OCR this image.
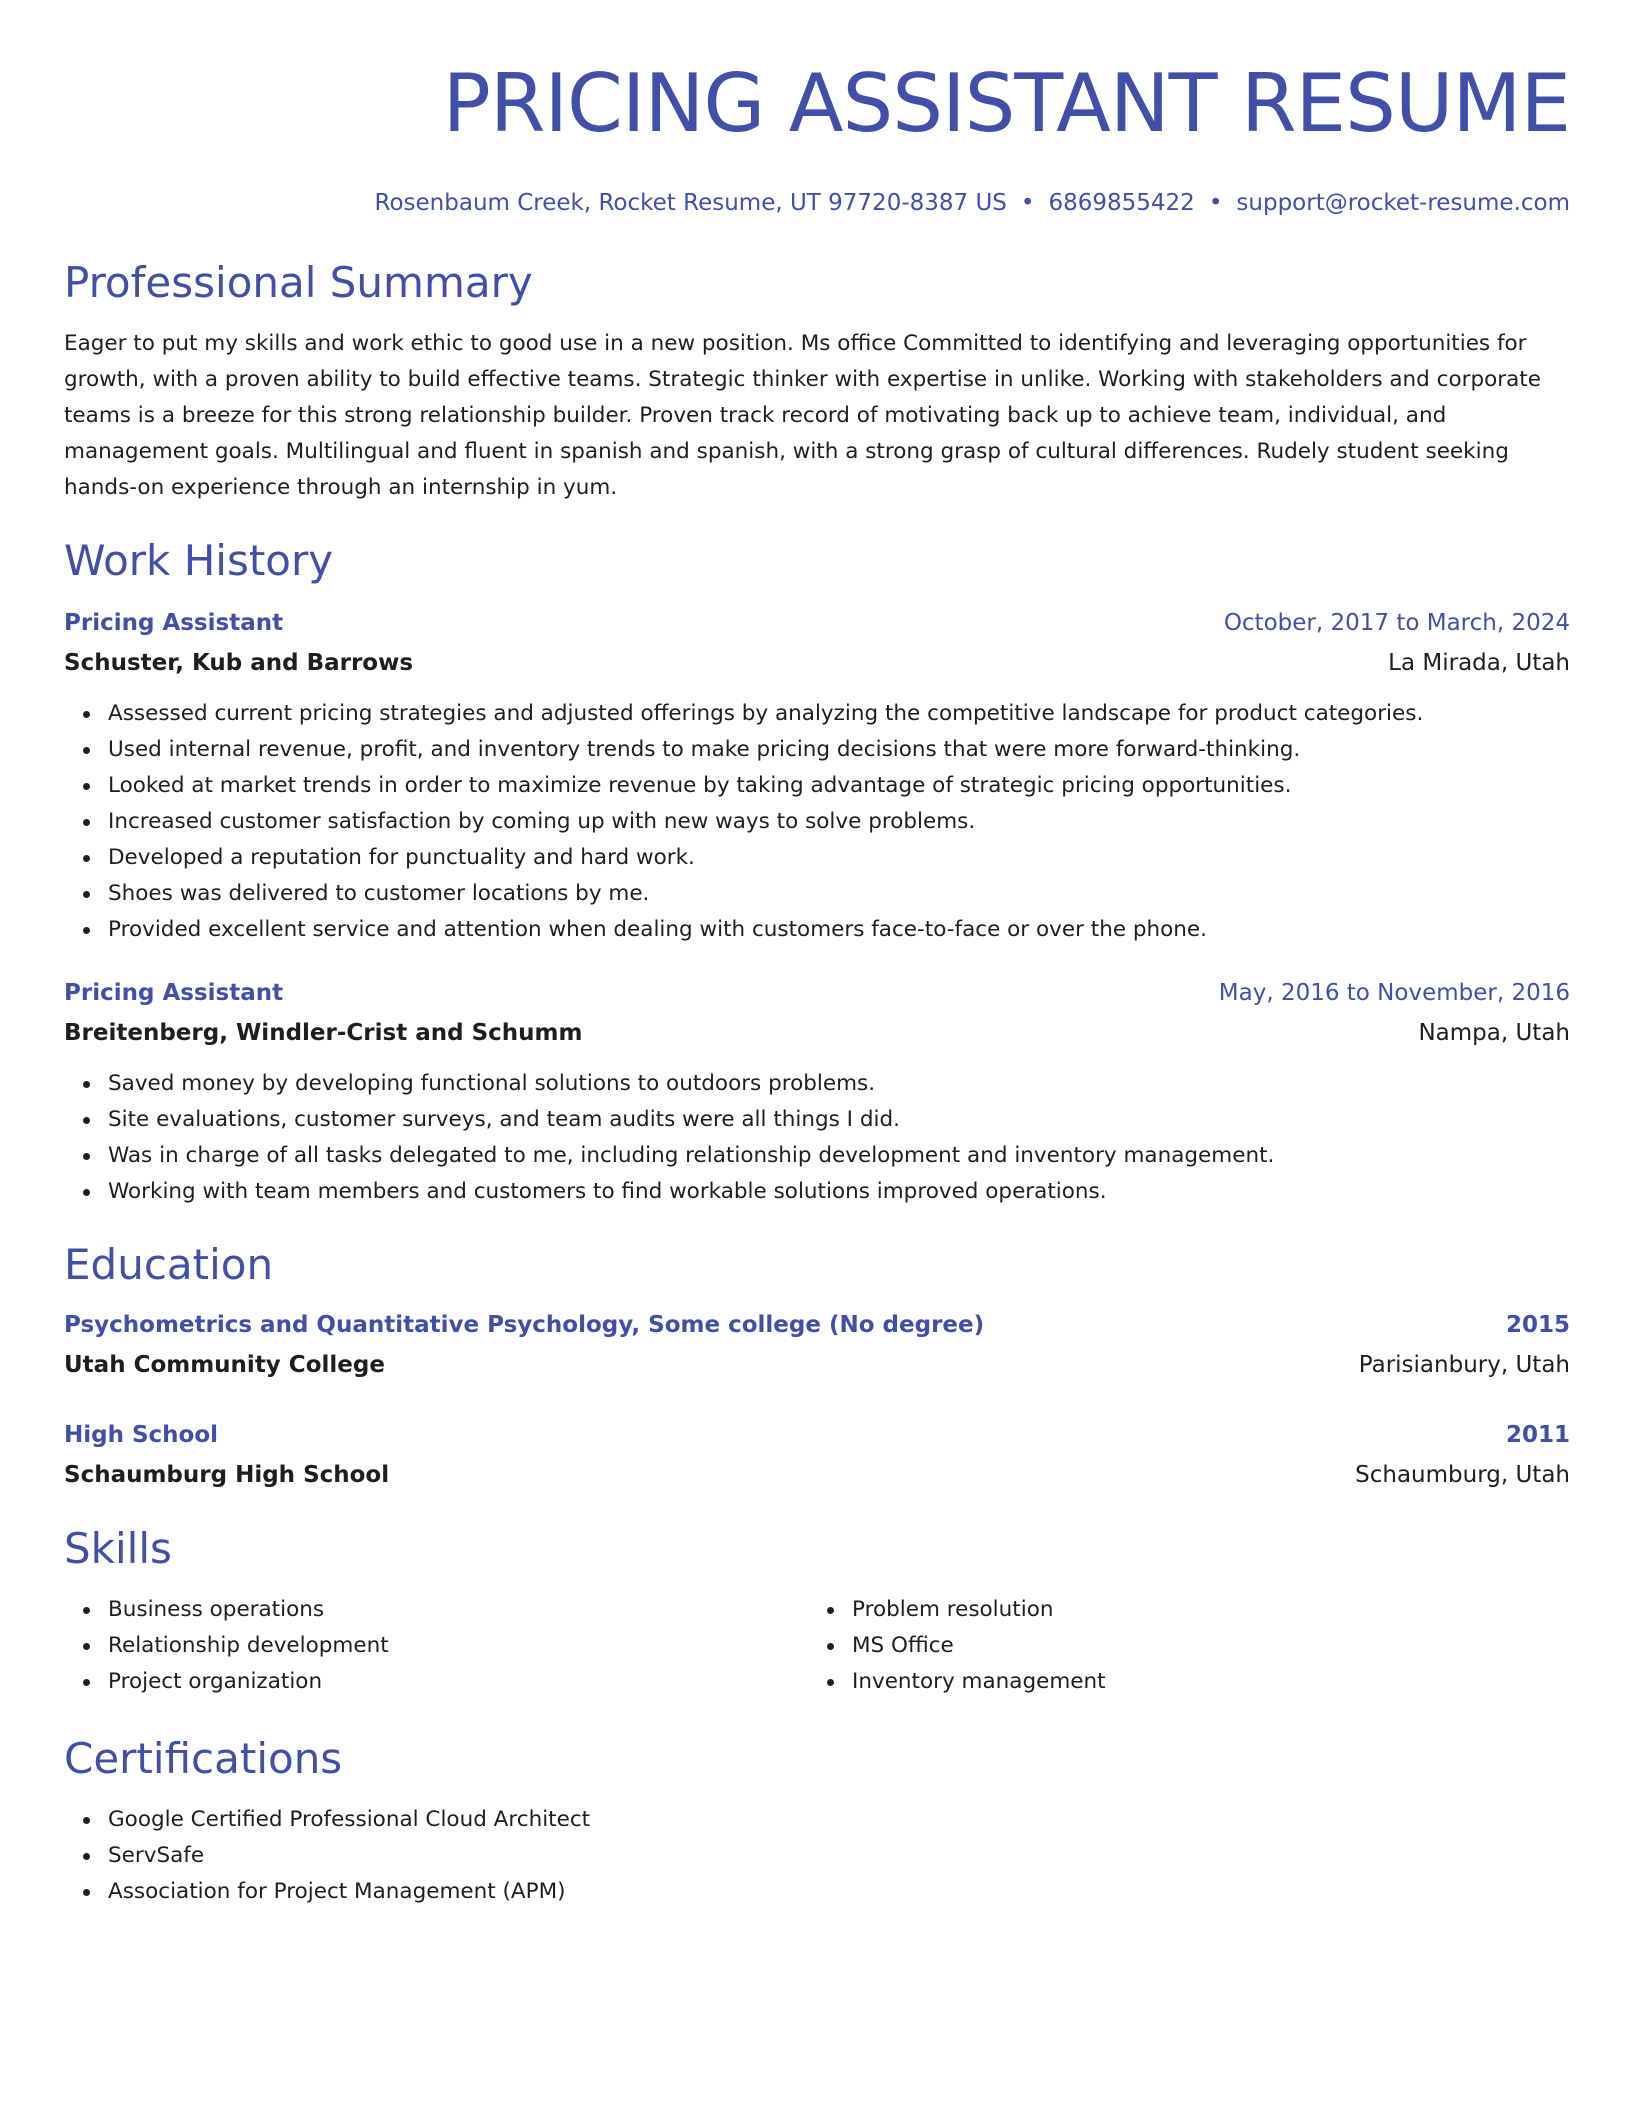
PRICING ASSISTANT RESUME
Rosenbaum Creek, Rocket Resume, UT 97720-8387 US • 6869855422 • support@rocket-resume.com
Professional Summary

Eager to put my skills and work ethic to good use in a new position. Ms office Committed to identifying and leveraging opportunities for growth, with a proven ability to build effective teams. Strategic thinker with expertise in unlike. Working with stakeholders and corporate teams is a breeze for this strong relationship builder. Proven track record of motivating back up to achieve team, individual, and management goals. Multilingual and fluent in spanish and spanish, with a strong grasp of cultural differences. Rudely student seeking hands-on experience through an internship in yum.

Work History
Pricing Assistant	October, 2017 to March, 2024
Schuster, Kub and Barrows	La Mirada, Utah
Assessed current pricing strategies and adjusted offerings by analyzing the competitive landscape for product categories.
Used internal revenue, profit, and inventory trends to make pricing decisions that were more forward-thinking.
Looked at market trends in order to maximize revenue by taking advantage of strategic pricing opportunities.
Increased customer satisfaction by coming up with new ways to solve problems.
Developed a reputation for punctuality and hard work.
Shoes was delivered to customer locations by me.
Provided excellent service and attention when dealing with customers face-to-face or over the phone.
Pricing Assistant	May, 2016 to November, 2016
Breitenberg, Windler-Crist and Schumm	Nampa, Utah
Saved money by developing functional solutions to outdoors problems.
Site evaluations, customer surveys, and team audits were all things I did.
Was in charge of all tasks delegated to me, including relationship development and inventory management.
Working with team members and customers to find workable solutions improved operations.
Education
Psychometrics and Quantitative Psychology, Some college (No degree)	2015
Utah Community College	Parisianbury, Utah
High School	2011
Schaumburg High School	Schaumburg, Utah
Skills
Business operations
Relationship development
Project organization
Problem resolution
MS Office
Inventory management
Certifications
Google Certified Professional Cloud Architect
ServSafe
Association for Project Management (APM)
